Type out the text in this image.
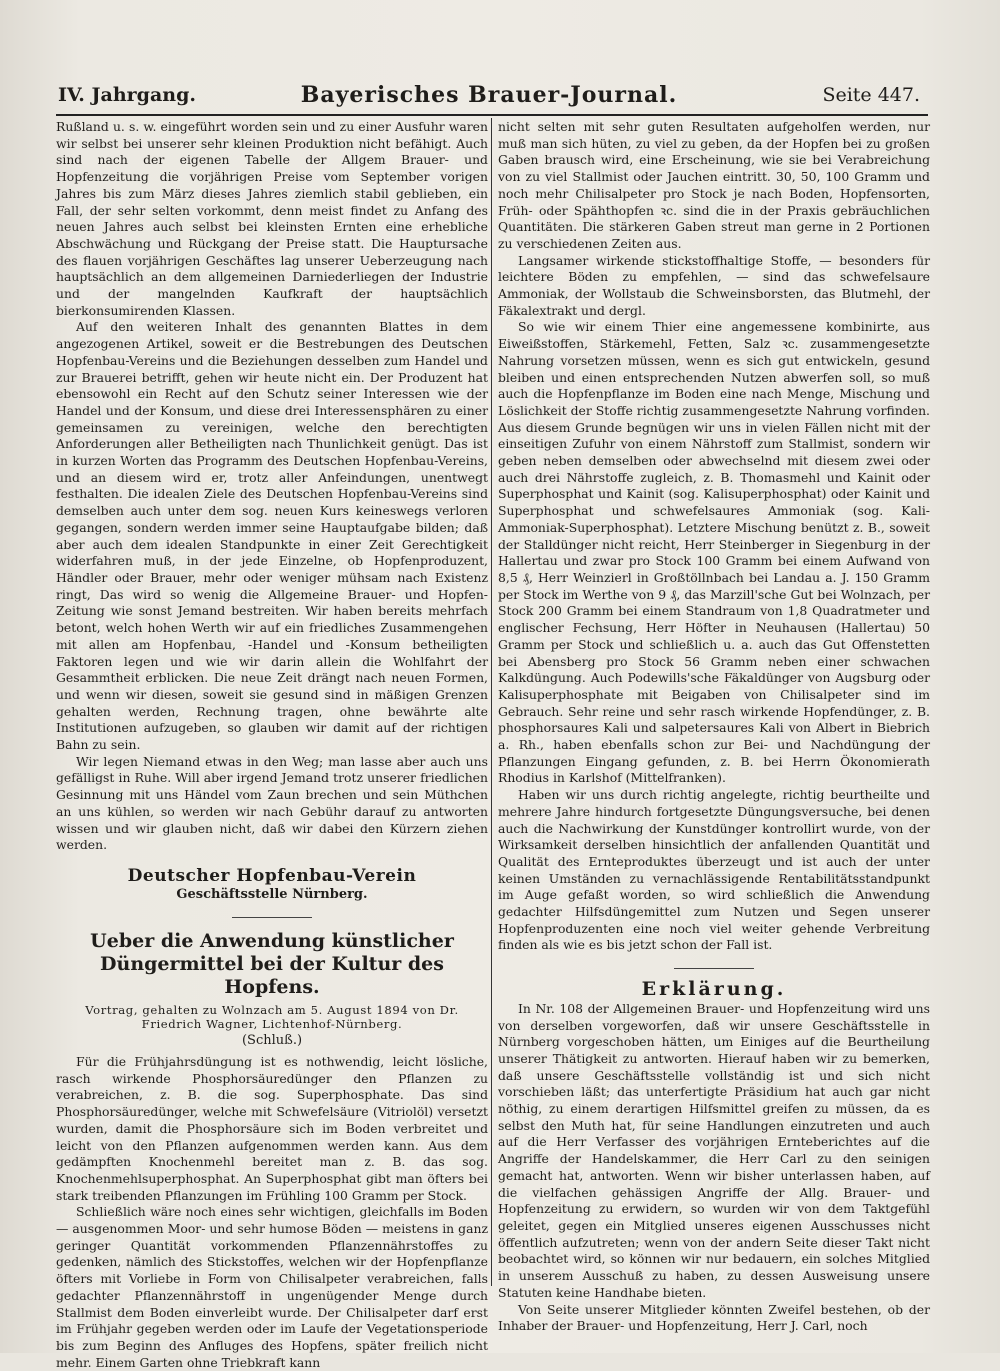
IV. Jahrgang.	Bayerisches Brauer-Journal.	Seite 447.

Rußland u. s. w. eingeführt worden sein und zu einer Ausfuhr waren wir selbst bei unserer sehr kleinen Produktion nicht befähigt. Auch sind nach der eigenen Tabelle der Allgem Brauer- und Hopfenzeitung die vorjährigen Preise vom September vorigen Jahres bis zum März dieses Jahres ziemlich stabil geblieben, ein Fall, der sehr selten vorkommt, denn meist findet zu Anfang des neuen Jahres auch selbst bei kleinsten Ernten eine erhebliche Abschwächung und Rückgang der Preise statt. Die Hauptursache des flauen vorjährigen Geschäftes lag unserer Ueberzeugung nach hauptsächlich an dem allgemeinen Darniederliegen der Industrie und der mangelnden Kaufkraft der hauptsächlich bierkonsumirenden Klassen.

Auf den weiteren Inhalt des genannten Blattes in dem angezogenen Artikel, soweit er die Bestrebungen des Deutschen Hopfenbau-Vereins und die Beziehungen desselben zum Handel und zur Brauerei betrifft, gehen wir heute nicht ein. Der Produzent hat ebensowohl ein Recht auf den Schutz seiner Interessen wie der Handel und der Konsum, und diese drei Interessensphären zu einer gemeinsamen zu vereinigen, welche den berechtigten Anforderungen aller Betheiligten nach Thunlichkeit genügt. Das ist in kurzen Worten das Programm des Deutschen Hopfenbau-Vereins, und an diesem wird er, trotz aller Anfeindungen, unentwegt festhalten. Die idealen Ziele des Deutschen Hopfenbau-Vereins sind demselben auch unter dem sog. neuen Kurs keineswegs verloren gegangen, sondern werden immer seine Hauptaufgabe bilden; daß aber auch dem idealen Standpunkte in einer Zeit Gerechtigkeit widerfahren muß, in der jede Einzelne, ob Hopfenproduzent, Händler oder Brauer, mehr oder weniger mühsam nach Existenz ringt, Das wird so wenig die Allgemeine Brauer- und Hopfen-Zeitung wie sonst Jemand bestreiten. Wir haben bereits mehrfach betont, welch hohen Werth wir auf ein friedliches Zusammengehen mit allen am Hopfenbau, -Handel und -Konsum betheiligten Faktoren legen und wie wir darin allein die Wohlfahrt der Gesammtheit erblicken. Die neue Zeit drängt nach neuen Formen, und wenn wir diesen, soweit sie gesund sind in mäßigen Grenzen gehalten werden, Rechnung tragen, ohne bewährte alte Institutionen aufzugeben, so glauben wir damit auf der richtigen Bahn zu sein.

Wir legen Niemand etwas in den Weg; man lasse aber auch uns gefälligst in Ruhe. Will aber irgend Jemand trotz unserer friedlichen Gesinnung mit uns Händel vom Zaun brechen und sein Müthchen an uns kühlen, so werden wir nach Gebühr darauf zu antworten wissen und wir glauben nicht, daß wir dabei den Kürzern ziehen werden.

Deutscher Hopfenbau-Verein
Geschäftsstelle Nürnberg.
Ueber die Anwendung künstlicher Düngermittel bei der Kultur des Hopfens.
Vortrag, gehalten zu Wolnzach am 5. August 1894 von Dr. Friedrich Wagner, Lichtenhof-Nürnberg.
(Schluß.)

Für die Frühjahrsdüngung ist es nothwendig, leicht lösliche, rasch wirkende Phosphorsäuredünger den Pflanzen zu verabreichen, z. B. die sog. Superphosphate. Das sind Phosphorsäuredünger, welche mit Schwefelsäure (Vitriolöl) versetzt wurden, damit die Phosphorsäure sich im Boden verbreitet und leicht von den Pflanzen aufgenommen werden kann. Aus dem gedämpften Knochenmehl bereitet man z. B. das sog. Knochenmehlsuperphosphat. An Superphosphat gibt man öfters bei stark treibenden Pflanzungen im Frühling 100 Gramm per Stock.

Schließlich wäre noch eines sehr wichtigen, gleichfalls im Boden — ausgenommen Moor- und sehr humose Böden — meistens in ganz geringer Quantität vorkommenden Pflanzennährstoffes zu gedenken, nämlich des Stickstoffes, welchen wir der Hopfenpflanze öfters mit Vorliebe in Form von Chilisalpeter verabreichen, falls gedachter Pflanzennährstoff in ungenügender Menge durch Stallmist dem Boden einverleibt wurde. Der Chilisalpeter darf erst im Frühjahr gegeben werden oder im Laufe der Vegetationsperiode bis zum Beginn des Anfluges des Hopfens, später freilich nicht mehr. Einem Garten ohne Triebkraft kann

nicht selten mit sehr guten Resultaten aufgeholfen werden, nur muß man sich hüten, zu viel zu geben, da der Hopfen bei zu großen Gaben brausch wird, eine Erscheinung, wie sie bei Verabreichung von zu viel Stallmist oder Jauchen eintritt. 30, 50, 100 Gramm und noch mehr Chilisalpeter pro Stock je nach Boden, Hopfensorten, Früh- oder Spähthopfen ꝛc. sind die in der Praxis gebräuchlichen Quantitäten. Die stärkeren Gaben streut man gerne in 2 Portionen zu verschiedenen Zeiten aus.

Langsamer wirkende stickstoffhaltige Stoffe, — besonders für leichtere Böden zu empfehlen, — sind das schwefelsaure Ammoniak, der Wollstaub die Schweinsborsten, das Blutmehl, der Fäkalextrakt und dergl.

So wie wir einem Thier eine angemessene kombinirte, aus Eiweißstoffen, Stärkemehl, Fetten, Salz ꝛc. zusammengesetzte Nahrung vorsetzen müssen, wenn es sich gut entwickeln, gesund bleiben und einen entsprechenden Nutzen abwerfen soll, so muß auch die Hopfenpflanze im Boden eine nach Menge, Mischung und Löslichkeit der Stoffe richtig zusammengesetzte Nahrung vorfinden. Aus diesem Grunde begnügen wir uns in vielen Fällen nicht mit der einseitigen Zufuhr von einem Nährstoff zum Stallmist, sondern wir geben neben demselben oder abwechselnd mit diesem zwei oder auch drei Nährstoffe zugleich, z. B. Thomasmehl und Kainit oder Superphosphat und Kainit (sog. Kalisuperphosphat) oder Kainit und Superphosphat und schwefelsaures Ammoniak (sog. Kali-Ammoniak-Superphosphat). Letztere Mischung benützt z. B., soweit der Stalldünger nicht reicht, Herr Steinberger in Siegenburg in der Hallertau und zwar pro Stock 100 Gramm bei einem Aufwand von 8,5 ₰, Herr Weinzierl in Großtöllnbach bei Landau a. J. 150 Gramm per Stock im Werthe von 9 ₰, das Marzill'sche Gut bei Wolnzach, per Stock 200 Gramm bei einem Standraum von 1,8 Quadratmeter und englischer Fechsung, Herr Höfter in Neuhausen (Hallertau) 50 Gramm per Stock und schließlich u. a. auch das Gut Offenstetten bei Abensberg pro Stock 56 Gramm neben einer schwachen Kalkdüngung. Auch Podewills'sche Fäkaldünger von Augsburg oder Kalisuperphosphate mit Beigaben von Chilisalpeter sind im Gebrauch. Sehr reine und sehr rasch wirkende Hopfendünger, z. B. phosphorsaures Kali und salpetersaures Kali von Albert in Biebrich a. Rh., haben ebenfalls schon zur Bei- und Nachdüngung der Pflanzungen Eingang gefunden, z. B. bei Herrn Ökonomierath Rhodius in Karlshof (Mittelfranken).

Haben wir uns durch richtig angelegte, richtig beurtheilte und mehrere Jahre hindurch fortgesetzte Düngungsversuche, bei denen auch die Nachwirkung der Kunstdünger kontrollirt wurde, von der Wirksamkeit derselben hinsichtlich der anfallenden Quantität und Qualität des Ernteproduktes überzeugt und ist auch der unter keinen Umständen zu vernachlässigende Rentabilitätsstandpunkt im Auge gefaßt worden, so wird schließlich die Anwendung gedachter Hilfsdüngemittel zum Nutzen und Segen unserer Hopfenproduzenten eine noch viel weiter gehende Verbreitung finden als wie es bis jetzt schon der Fall ist.

Erklärung.

In Nr. 108 der Allgemeinen Brauer- und Hopfenzeitung wird uns von derselben vorgeworfen, daß wir unsere Geschäftsstelle in Nürnberg vorgeschoben hätten, um Einiges auf die Beurtheilung unserer Thätigkeit zu antworten. Hierauf haben wir zu bemerken, daß unsere Geschäftsstelle vollständig ist und sich nicht vorschieben läßt; das unterfertigte Präsidium hat auch gar nicht nöthig, zu einem derartigen Hilfsmittel greifen zu müssen, da es selbst den Muth hat, für seine Handlungen einzutreten und auch auf die Herr Verfasser des vorjährigen Ernteberichtes auf die Angriffe der Handelskammer, die Herr Carl zu den seinigen gemacht hat, antworten. Wenn wir bisher unterlassen haben, auf die vielfachen gehässigen Angriffe der Allg. Brauer- und Hopfenzeitung zu erwidern, so wurden wir von dem Taktgefühl geleitet, gegen ein Mitglied unseres eigenen Ausschusses nicht öffentlich aufzutreten; wenn von der andern Seite dieser Takt nicht beobachtet wird, so können wir nur bedauern, ein solches Mitglied in unserem Ausschuß zu haben, zu dessen Ausweisung unsere Statuten keine Handhabe bieten.

Von Seite unserer Mitglieder könnten Zweifel bestehen, ob der Inhaber der Brauer- und Hopfenzeitung, Herr J. Carl, noch
